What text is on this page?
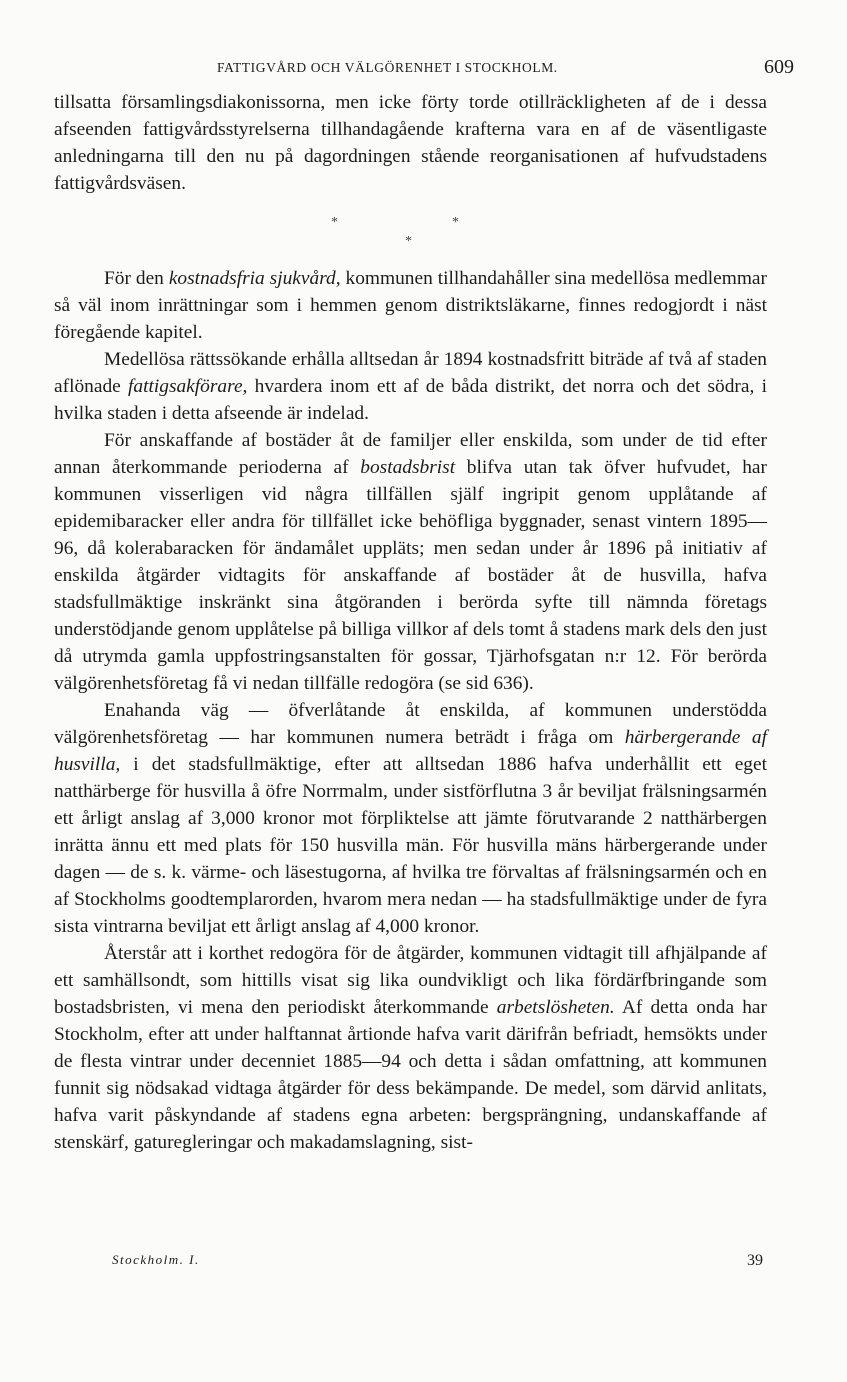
FATTIGVÅRD OCH VÄLGÖRENHET I STOCKHOLM.	609

tillsatta församlingsdiakonissorna, men icke förty torde otillräckligheten af de i dessa afseenden fattigvårdsstyrelserna tillhandagående krafterna vara en af de väsentligaste anledningarna till den nu på dagordningen stående reorganisationen af hufvudstadens fattigvårdsväsen.

*	*
*

För den kostnadsfria sjukvård, kommunen tillhandahåller sina medellösa medlemmar så väl inom inrättningar som i hemmen genom distriktsläkarne, finnes redogjordt i näst föregående kapitel.

Medellösa rättssökande erhålla alltsedan år 1894 kostnadsfritt biträde af två af staden aflönade fattigsakförare, hvardera inom ett af de båda distrikt, det norra och det södra, i hvilka staden i detta afseende är indelad.

För anskaffande af bostäder åt de familjer eller enskilda, som under de tid efter annan återkommande perioderna af bostadsbrist blifva utan tak öfver hufvudet, har kommunen visserligen vid några tillfällen själf ingripit genom upplåtande af epidemibaracker eller andra för tillfället icke behöfliga byggnader, senast vintern 1895—96, då kolerabaracken för ändamålet uppläts; men sedan under år 1896 på initiativ af enskilda åtgärder vidtagits för anskaffande af bostäder åt de husvilla, hafva stadsfullmäktige inskränkt sina åtgöranden i berörda syfte till nämnda företags understödjande genom upplåtelse på billiga villkor af dels tomt å stadens mark dels den just då utrymda gamla uppfostringsanstalten för gossar, Tjärhofsgatan n:r 12. För berörda välgörenhetsföretag få vi nedan tillfälle redogöra (se sid 636).

Enahanda väg — öfverlåtande åt enskilda, af kommunen understödda välgörenhetsföretag — har kommunen numera beträdt i fråga om härbergerande af husvilla, i det stadsfullmäktige, efter att alltsedan 1886 hafva underhållit ett eget natthärberge för husvilla å öfre Norrmalm, under sistförflutna 3 år beviljat frälsningsarmén ett årligt anslag af 3,000 kronor mot förpliktelse att jämte förutvarande 2 natthärbergen inrätta ännu ett med plats för 150 husvilla män. För husvilla mäns härbergerande under dagen — de s. k. värme- och läsestugorna, af hvilka tre förvaltas af frälsningsarmén och en af Stockholms goodtemplarorden, hvarom mera nedan — ha stadsfullmäktige under de fyra sista vintrarna beviljat ett årligt anslag af 4,000 kronor.

Återstår att i korthet redogöra för de åtgärder, kommunen vidtagit till afhjälpande af ett samhällsondt, som hittills visat sig lika oundvikligt och lika fördärfbringande som bostadsbristen, vi mena den periodiskt återkommande arbetslösheten. Af detta onda har Stockholm, efter att under halftannat årtionde hafva varit därifrån befriadt, hemsökts under de flesta vintrar under decenniet 1885—94 och detta i sådan omfattning, att kommunen funnit sig nödsakad vidtaga åtgärder för dess bekämpande. De medel, som därvid anlitats, hafva varit påskyndande af stadens egna arbeten: bergsprängning, undanskaffande af stenskärf, gaturegleringar och makadamslagning, sist-

Stockholm. I.	39
